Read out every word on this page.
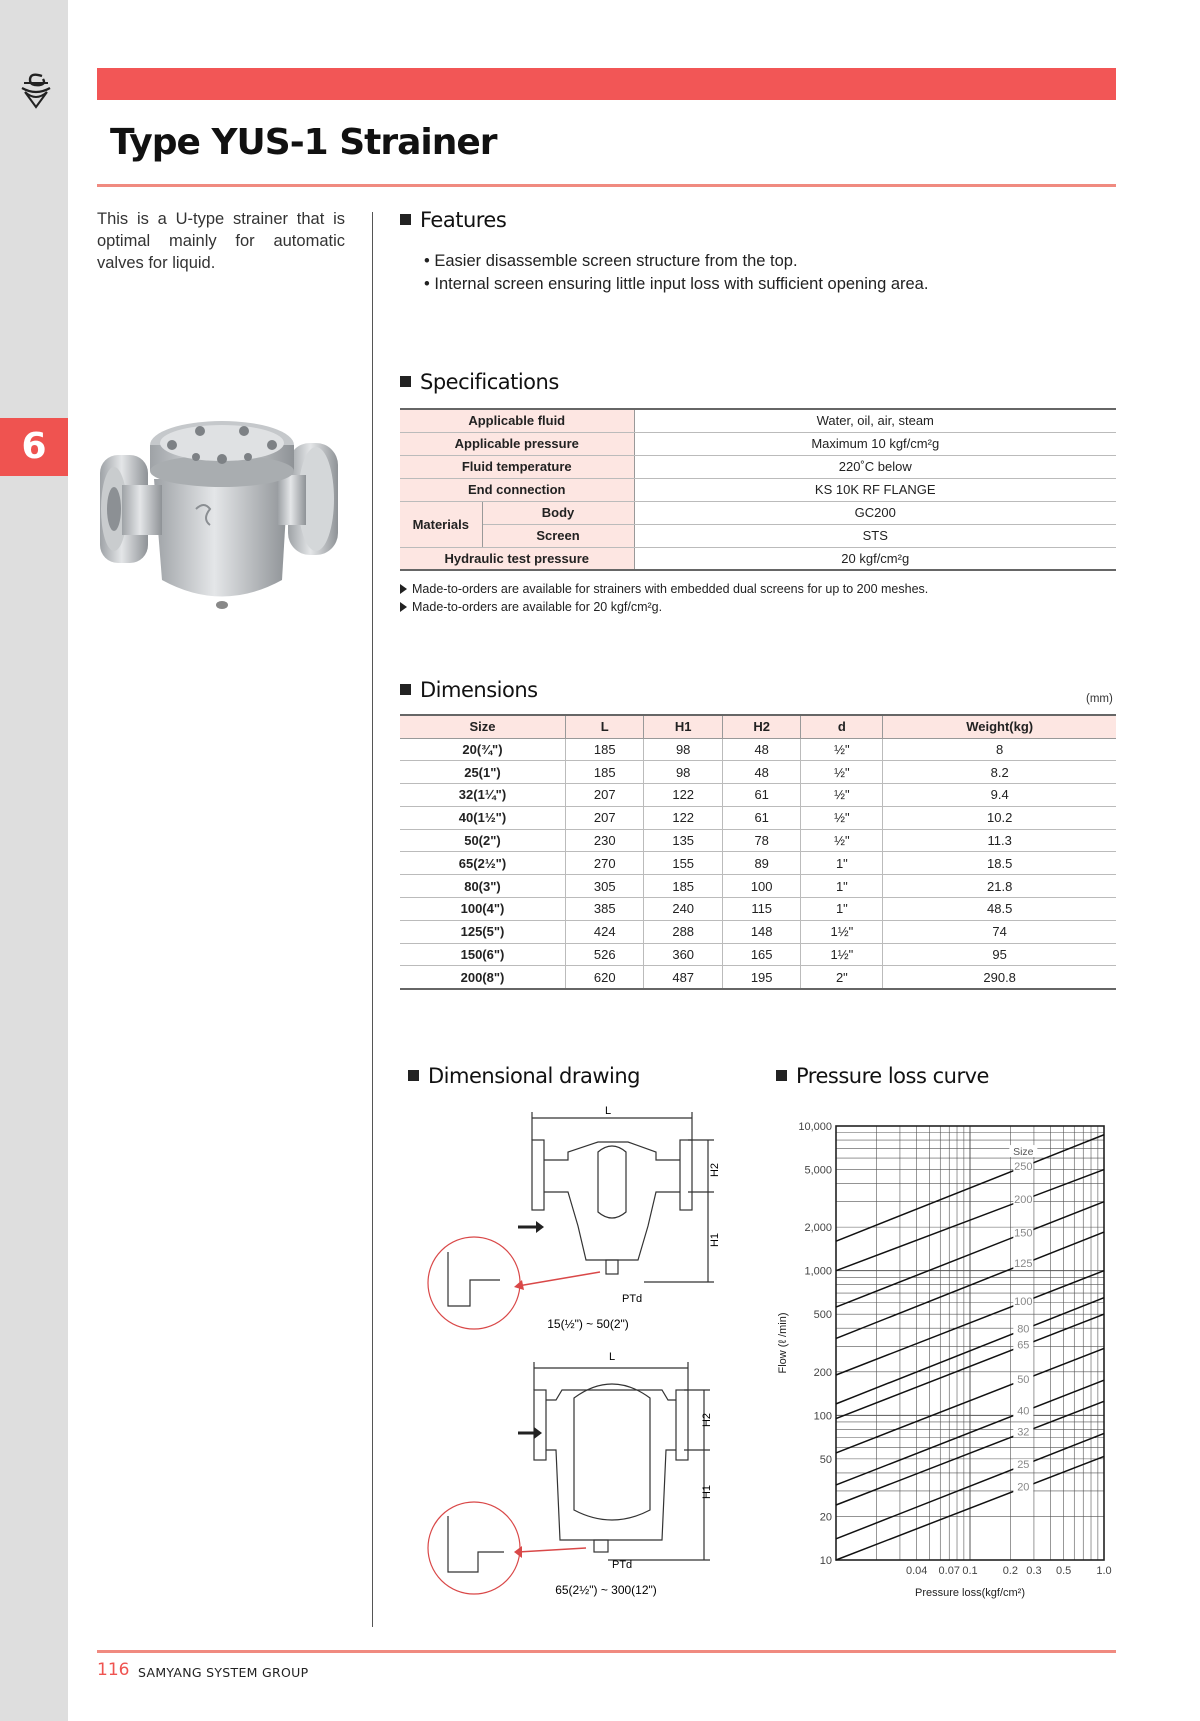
6
Type YUS-1 Strainer

This is a U-type strainer that is optimal mainly for automatic valves for liquid.

Features
• Easier disassemble screen structure from the top.
• Internal screen ensuring little input loss with sufficient opening area.
Specifications
Applicable fluid		Water, oil, air, steam
Applicable pressure		Maximum 10 kgf/cm²g
Fluid temperature		220˚C below
End connection		KS 10K RF FLANGE
Materials	Body	GC200
	Screen	STS
Hydraulic test pressure		20 kgf/cm²g
Made-to-orders are available for strainers with embedded dual screens for up to 200 meshes.
Made-to-orders are available for 20 kgf/cm²g.
Dimensions	(mm)
Size	L	H1	H2	d	Weight(kg)
20(¾")	185	98	48	½"	8
25(1")	185	98	48	½"	8.2
32(1¼")	207	122	61	½"	9.4
40(1½")	207	122	61	½"	10.2
50(2")	230	135	78	½"	11.3
65(2½")	270	155	89	1"	18.5
80(3")	305	185	100	1"	21.8
100(4")	385	240	115	1"	48.5
125(5")	424	288	148	1½"	74
150(6")	526	360	165	1½"	95
200(8")	620	487	195	2"	290.8
Dimensional drawing
L
H2
H1
PTd
15(½") ~ 50(2")
L
H2
H1
PTd
65(2½") ~ 300(12")
Pressure loss curve
250
200
150
125
100
80
65
50
40
32
25
20
Size
10,000
5,000
2,000
1,000
500
200
100
50
20
10
0.04 0.07 0.1 0.2 0.3 0.5 1.0
Pressure loss(kgf/cm²)
Flow (ℓ /min)
116 SAMYANG SYSTEM GROUP
